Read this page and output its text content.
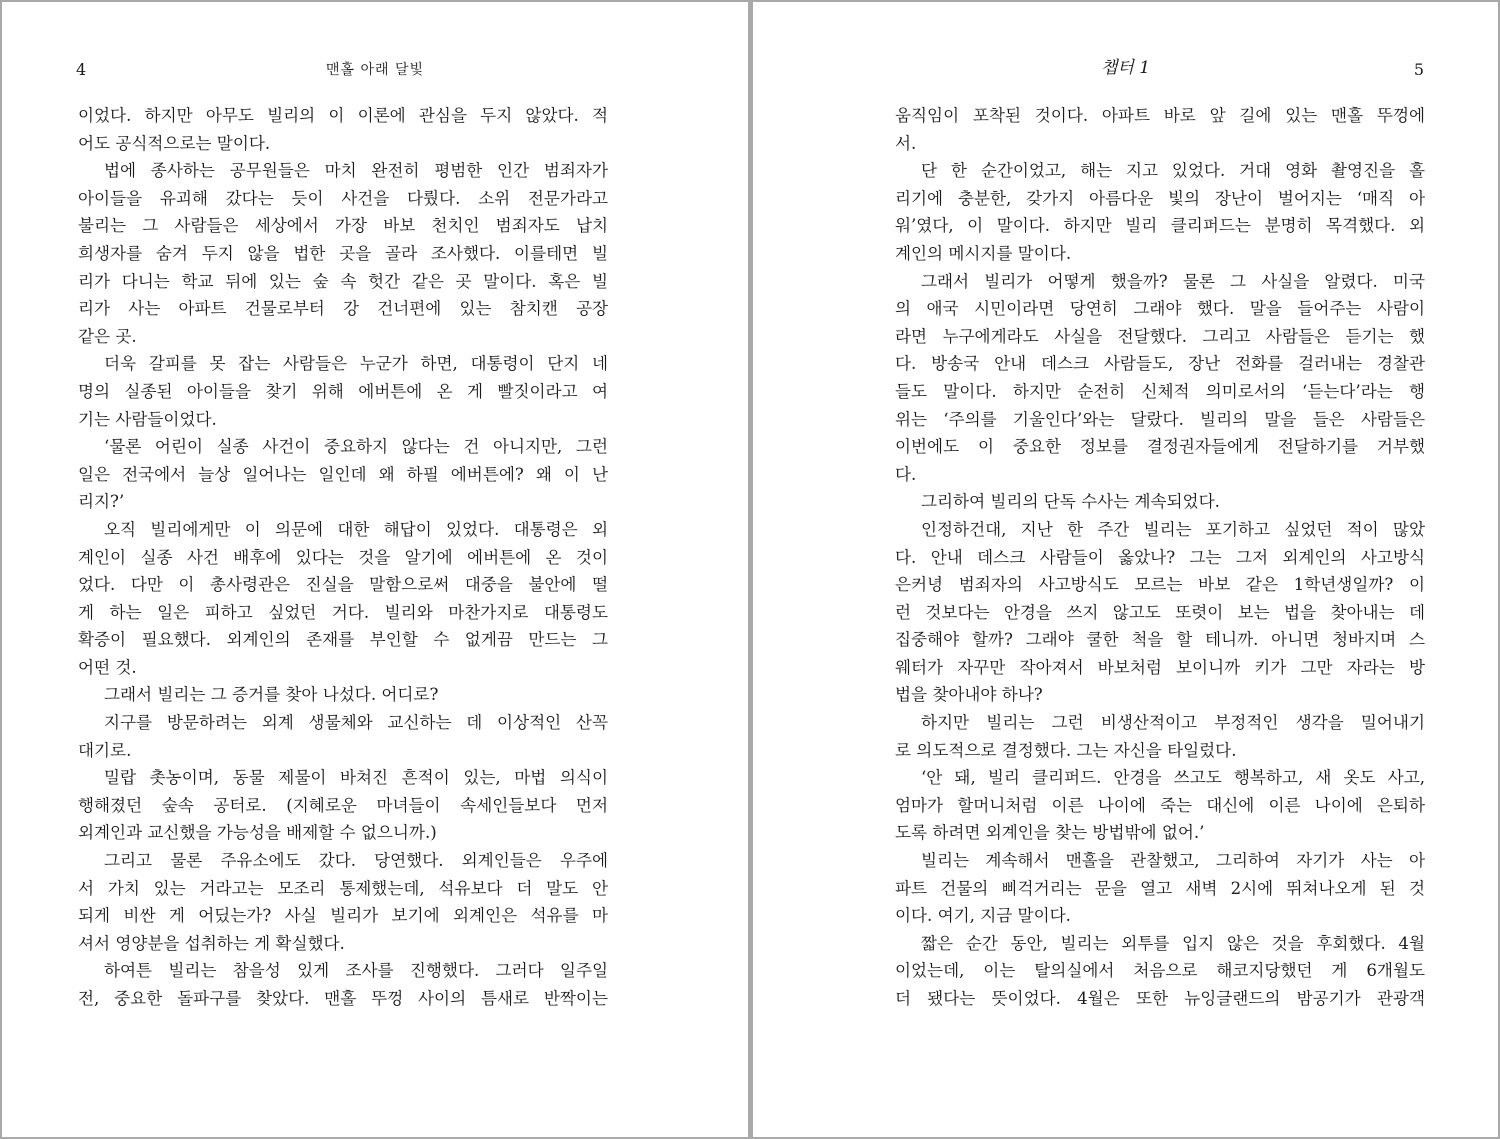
4	맨홀 아래 달빛
이었다. 하지만 아무도 빌리의 이 이론에 관심을 두지 않았다. 적
어도 공식적으로는 말이다.
법에 종사하는 공무원들은 마치 완전히 평범한 인간 범죄자가
아이들을 유괴해 갔다는 듯이 사건을 다뤘다. 소위 전문가라고
불리는 그 사람들은 세상에서 가장 바보 천치인 범죄자도 납치
희생자를 숨겨 두지 않을 법한 곳을 골라 조사했다. 이를테면 빌
리가 다니는 학교 뒤에 있는 숲 속 헛간 같은 곳 말이다. 혹은 빌
리가 사는 아파트 건물로부터 강 건너편에 있는 참치캔 공장
같은 곳.
더욱 갈피를 못 잡는 사람들은 누군가 하면, 대통령이 단지 네
명의 실종된 아이들을 찾기 위해 에버튼에 온 게 빨짓이라고 여
기는 사람들이었다.
‘물론 어린이 실종 사건이 중요하지 않다는 건 아니지만, 그런
일은 전국에서 늘상 일어나는 일인데 왜 하필 에버튼에? 왜 이 난
리지?’
오직 빌리에게만 이 의문에 대한 해답이 있었다. 대통령은 외
계인이 실종 사건 배후에 있다는 것을 알기에 에버튼에 온 것이
었다. 다만 이 총사령관은 진실을 말함으로써 대중을 불안에 떨
게 하는 일은 피하고 싶었던 거다. 빌리와 마찬가지로 대통령도
확증이 필요했다. 외계인의 존재를 부인할 수 없게끔 만드는 그
어떤 것.
그래서 빌리는 그 증거를 찾아 나섰다. 어디로?
지구를 방문하려는 외계 생물체와 교신하는 데 이상적인 산꼭
대기로.
밀랍 촛농이며, 동물 제물이 바쳐진 흔적이 있는, 마법 의식이
행해졌던 숲속 공터로. (지혜로운 마녀들이 속세인들보다 먼저
외계인과 교신했을 가능성을 배제할 수 없으니까.)
그리고 물론 주유소에도 갔다. 당연했다. 외계인들은 우주에
서 가치 있는 거라고는 모조리 통제했는데, 석유보다 더 말도 안
되게 비싼 게 어딨는가? 사실 빌리가 보기에 외계인은 석유를 마
셔서 영양분을 섭취하는 게 확실했다.
하여튼 빌리는 참을성 있게 조사를 진행했다. 그러다 일주일
전, 중요한 돌파구를 찾았다. 맨홀 뚜껑 사이의 틈새로 반짝이는
챕터 1	5
움직임이 포착된 것이다. 아파트 바로 앞 길에 있는 맨홀 뚜껑에
서.
단 한 순간이었고, 해는 지고 있었다. 거대 영화 촬영진을 홀
리기에 충분한, 갖가지 아름다운 빛의 장난이 벌어지는 ‘매직 아
워’였다, 이 말이다. 하지만 빌리 클리퍼드는 분명히 목격했다. 외
계인의 메시지를 말이다.
그래서 빌리가 어떻게 했을까? 물론 그 사실을 알렸다. 미국
의 애국 시민이라면 당연히 그래야 했다. 말을 들어주는 사람이
라면 누구에게라도 사실을 전달했다. 그리고 사람들은 듣기는 했
다. 방송국 안내 데스크 사람들도, 장난 전화를 걸러내는 경찰관
들도 말이다. 하지만 순전히 신체적 의미로서의 ‘듣는다’라는 행
위는 ‘주의를 기울인다’와는 달랐다. 빌리의 말을 들은 사람들은
이번에도 이 중요한 정보를 결정권자들에게 전달하기를 거부했
다.
그리하여 빌리의 단독 수사는 계속되었다.
인정하건대, 지난 한 주간 빌리는 포기하고 싶었던 적이 많았
다. 안내 데스크 사람들이 옳았나? 그는 그저 외계인의 사고방식
은커녕 범죄자의 사고방식도 모르는 바보 같은 1학년생일까? 이
런 것보다는 안경을 쓰지 않고도 또렷이 보는 법을 찾아내는 데
집중해야 할까? 그래야 쿨한 척을 할 테니까. 아니면 청바지며 스
웨터가 자꾸만 작아져서 바보처럼 보이니까 키가 그만 자라는 방
법을 찾아내야 하나?
하지만 빌리는 그런 비생산적이고 부정적인 생각을 밀어내기
로 의도적으로 결정했다. 그는 자신을 타일렀다.
‘안 돼, 빌리 클리퍼드. 안경을 쓰고도 행복하고, 새 옷도 사고,
엄마가 할머니처럼 이른 나이에 죽는 대신에 이른 나이에 은퇴하
도록 하려면 외계인을 찾는 방법밖에 없어.’
빌리는 계속해서 맨홀을 관찰했고, 그리하여 자기가 사는 아
파트 건물의 삐걱거리는 문을 열고 새벽 2시에 뛰쳐나오게 된 것
이다. 여기, 지금 말이다.
짧은 순간 동안, 빌리는 외투를 입지 않은 것을 후회했다. 4월
이었는데, 이는 탈의실에서 처음으로 해코지당했던 게 6개월도
더 됐다는 뜻이었다. 4월은 또한 뉴잉글랜드의 밤공기가 관광객
